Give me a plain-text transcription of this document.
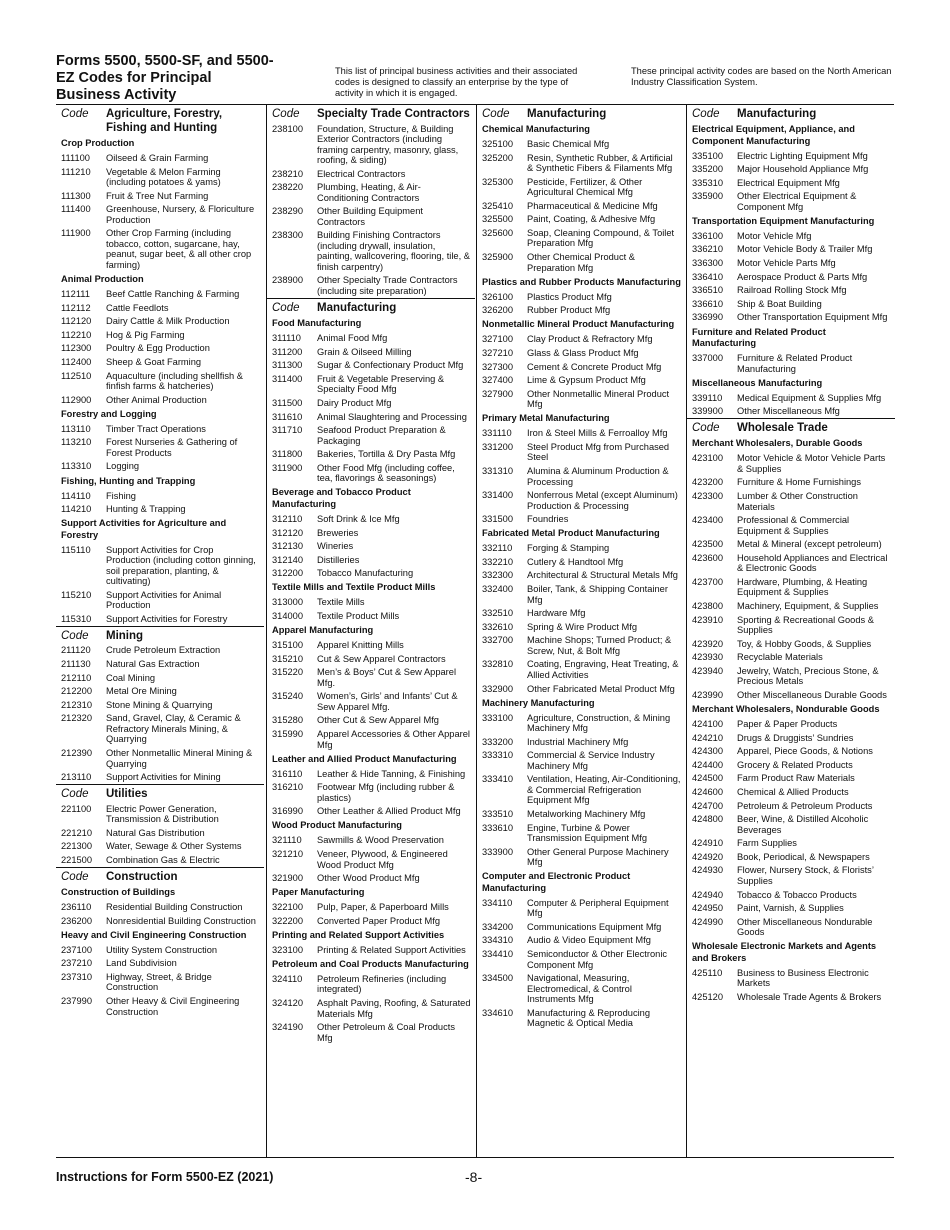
Forms 5500, 5500-SF, and 5500-EZ Codes for Principal Business Activity
This list of principal business activities and their associated codes is designed to classify an enterprise by the type of activity in which it is engaged.
These principal activity codes are based on the North American Industry Classification System.
Code	Agriculture, Forestry, Fishing and Hunting
Crop Production
111100	Oilseed & Grain Farming
111210	Vegetable & Melon Farming (including potatoes & yams)
111300	Fruit & Tree Nut Farming
111400	Greenhouse, Nursery, & Floriculture Production
111900	Other Crop Farming (including tobacco, cotton, sugarcane, hay, peanut, sugar beet, & all other crop farming)
Animal Production
112111	Beef Cattle Ranching & Farming
112112	Cattle Feedlots
112120	Dairy Cattle & Milk Production
112210	Hog & Pig Farming
112300	Poultry & Egg Production
112400	Sheep & Goat Farming
112510	Aquaculture (including shellfish & finfish farms & hatcheries)
112900	Other Animal Production
Forestry and Logging
113110	Timber Tract Operations
113210	Forest Nurseries & Gathering of Forest Products
113310	Logging
Fishing, Hunting and Trapping
114110	Fishing
114210	Hunting & Trapping
Support Activities for Agriculture and Forestry
115110	Support Activities for Crop Production (including cotton ginning, soil preparation, planting, & cultivating)
115210	Support Activities for Animal Production
115310	Support Activities for Forestry
Code	Mining
211120	Crude Petroleum Extraction
211130	Natural Gas Extraction
212110	Coal Mining
212200	Metal Ore Mining
212310	Stone Mining & Quarrying
212320	Sand, Gravel, Clay, & Ceramic & Refractory Minerals Mining, & Quarrying
212390	Other Nonmetallic Mineral Mining & Quarrying
213110	Support Activities for Mining
Code	Utilities
221100	Electric Power Generation, Transmission & Distribution
221210	Natural Gas Distribution
221300	Water, Sewage & Other Systems
221500	Combination Gas & Electric
Code	Construction
Construction of Buildings
236110	Residential Building Construction
236200	Nonresidential Building Construction
Heavy and Civil Engineering Construction
237100	Utility System Construction
237210	Land Subdivision
237310	Highway, Street, & Bridge Construction
237990	Other Heavy & Civil Engineering Construction
Code	Specialty Trade Contractors
238100	Foundation, Structure, & Building Exterior Contractors (including framing carpentry, masonry, glass, roofing, & siding)
238210	Electrical Contractors
238220	Plumbing, Heating, & Air-Conditioning Contractors
238290	Other Building Equipment Contractors
238300	Building Finishing Contractors (including drywall, insulation, painting, wallcovering, flooring, tile, & finish carpentry)
238900	Other Specialty Trade Contractors (including site preparation)
Code	Manufacturing
Food Manufacturing
311110	Animal Food Mfg
311200	Grain & Oilseed Milling
311300	Sugar & Confectionary Product Mfg
311400	Fruit & Vegetable Preserving & Specialty Food Mfg
311500	Dairy Product Mfg
311610	Animal Slaughtering and Processing
311710	Seafood Product Preparation & Packaging
311800	Bakeries, Tortilla & Dry Pasta Mfg
311900	Other Food Mfg (including coffee, tea, flavorings & seasonings)
Beverage and Tobacco Product Manufacturing
312110	Soft Drink & Ice Mfg
312120	Breweries
312130	Wineries
312140	Distilleries
312200	Tobacco Manufacturing
Textile Mills and Textile Product Mills
313000	Textile Mills
314000	Textile Product Mills
Apparel Manufacturing
315100	Apparel Knitting Mills
315210	Cut & Sew Apparel Contractors
315220	Men’s & Boys’ Cut & Sew Apparel Mfg.
315240	Women’s, Girls’ and Infants’ Cut & Sew Apparel Mfg.
315280	Other Cut & Sew Apparel Mfg
315990	Apparel Accessories & Other Apparel Mfg
Leather and Allied Product Manufacturing
316110	Leather & Hide Tanning, & Finishing
316210	Footwear Mfg (including rubber & plastics)
316990	Other Leather & Allied Product Mfg
Wood Product Manufacturing
321110	Sawmills & Wood Preservation
321210	Veneer, Plywood, & Engineered Wood Product Mfg
321900	Other Wood Product Mfg
Paper Manufacturing
322100	Pulp, Paper, & Paperboard Mills
322200	Converted Paper Product Mfg
Printing and Related Support Activities
323100	Printing & Related Support Activities
Petroleum and Coal Products Manufacturing
324110	Petroleum Refineries (including integrated)
324120	Asphalt Paving, Roofing, & Saturated Materials Mfg
324190	Other Petroleum & Coal Products Mfg
Code	Manufacturing
Chemical Manufacturing
325100	Basic Chemical Mfg
325200	Resin, Synthetic Rubber, & Artificial & Synthetic Fibers & Filaments Mfg
325300	Pesticide, Fertilizer, & Other Agricultural Chemical Mfg
325410	Pharmaceutical & Medicine Mfg
325500	Paint, Coating, & Adhesive Mfg
325600	Soap, Cleaning Compound, & Toilet Preparation Mfg
325900	Other Chemical Product & Preparation Mfg
Plastics and Rubber Products Manufacturing
326100	Plastics Product Mfg
326200	Rubber Product Mfg
Nonmetallic Mineral Product Manufacturing
327100	Clay Product & Refractory Mfg
327210	Glass & Glass Product Mfg
327300	Cement & Concrete Product Mfg
327400	Lime & Gypsum Product Mfg
327900	Other Nonmetallic Mineral Product Mfg
Primary Metal Manufacturing
331110	Iron & Steel Mills & Ferroalloy Mfg
331200	Steel Product Mfg from Purchased Steel
331310	Alumina & Aluminum Production & Processing
331400	Nonferrous Metal (except Aluminum) Production & Processing
331500	Foundries
Fabricated Metal Product Manufacturing
332110	Forging & Stamping
332210	Cutlery & Handtool Mfg
332300	Architectural & Structural Metals Mfg
332400	Boiler, Tank, & Shipping Container Mfg
332510	Hardware Mfg
332610	Spring & Wire Product Mfg
332700	Machine Shops; Turned Product; & Screw, Nut, & Bolt Mfg
332810	Coating, Engraving, Heat Treating, & Allied Activities
332900	Other Fabricated Metal Product Mfg
Machinery Manufacturing
333100	Agriculture, Construction, & Mining Machinery Mfg
333200	Industrial Machinery Mfg
333310	Commercial & Service Industry Machinery Mfg
333410	Ventilation, Heating, Air-Conditioning, & Commercial Refrigeration Equipment Mfg
333510	Metalworking Machinery Mfg
333610	Engine, Turbine & Power Transmission Equipment Mfg
333900	Other General Purpose Machinery Mfg
Computer and Electronic Product Manufacturing
334110	Computer & Peripheral Equipment Mfg
334200	Communications Equipment Mfg
334310	Audio & Video Equipment Mfg
334410	Semiconductor & Other Electronic Component Mfg
334500	Navigational, Measuring, Electromedical, & Control Instruments Mfg
334610	Manufacturing & Reproducing Magnetic & Optical Media
Code	Manufacturing
Electrical Equipment, Appliance, and Component Manufacturing
335100	Electric Lighting Equipment Mfg
335200	Major Household Appliance Mfg
335310	Electrical Equipment Mfg
335900	Other Electrical Equipment & Component Mfg
Transportation Equipment Manufacturing
336100	Motor Vehicle Mfg
336210	Motor Vehicle Body & Trailer Mfg
336300	Motor Vehicle Parts Mfg
336410	Aerospace Product & Parts Mfg
336510	Railroad Rolling Stock Mfg
336610	Ship & Boat Building
336990	Other Transportation Equipment Mfg
Furniture and Related Product Manufacturing
337000	Furniture & Related Product Manufacturing
Miscellaneous Manufacturing
339110	Medical Equipment & Supplies Mfg
339900	Other Miscellaneous Mfg
Code	Wholesale Trade
Merchant Wholesalers, Durable Goods
423100	Motor Vehicle & Motor Vehicle Parts & Supplies
423200	Furniture & Home Furnishings
423300	Lumber & Other Construction Materials
423400	Professional & Commercial Equipment & Supplies
423500	Metal & Mineral (except petroleum)
423600	Household Appliances and Electrical & Electronic Goods
423700	Hardware, Plumbing, & Heating Equipment & Supplies
423800	Machinery, Equipment, & Supplies
423910	Sporting & Recreational Goods & Supplies
423920	Toy, & Hobby Goods, & Supplies
423930	Recyclable Materials
423940	Jewelry, Watch, Precious Stone, & Precious Metals
423990	Other Miscellaneous Durable Goods
Merchant Wholesalers, Nondurable Goods
424100	Paper & Paper Products
424210	Drugs & Druggists’ Sundries
424300	Apparel, Piece Goods, & Notions
424400	Grocery & Related Products
424500	Farm Product Raw Materials
424600	Chemical & Allied Products
424700	Petroleum & Petroleum Products
424800	Beer, Wine, & Distilled Alcoholic Beverages
424910	Farm Supplies
424920	Book, Periodical, & Newspapers
424930	Flower, Nursery Stock, & Florists’ Supplies
424940	Tobacco & Tobacco Products
424950	Paint, Varnish, & Supplies
424990	Other Miscellaneous Nondurable Goods
Wholesale Electronic Markets and Agents and Brokers
425110	Business to Business Electronic Markets
425120	Wholesale Trade Agents & Brokers
Instructions for Form 5500-EZ (2021)	-8-
